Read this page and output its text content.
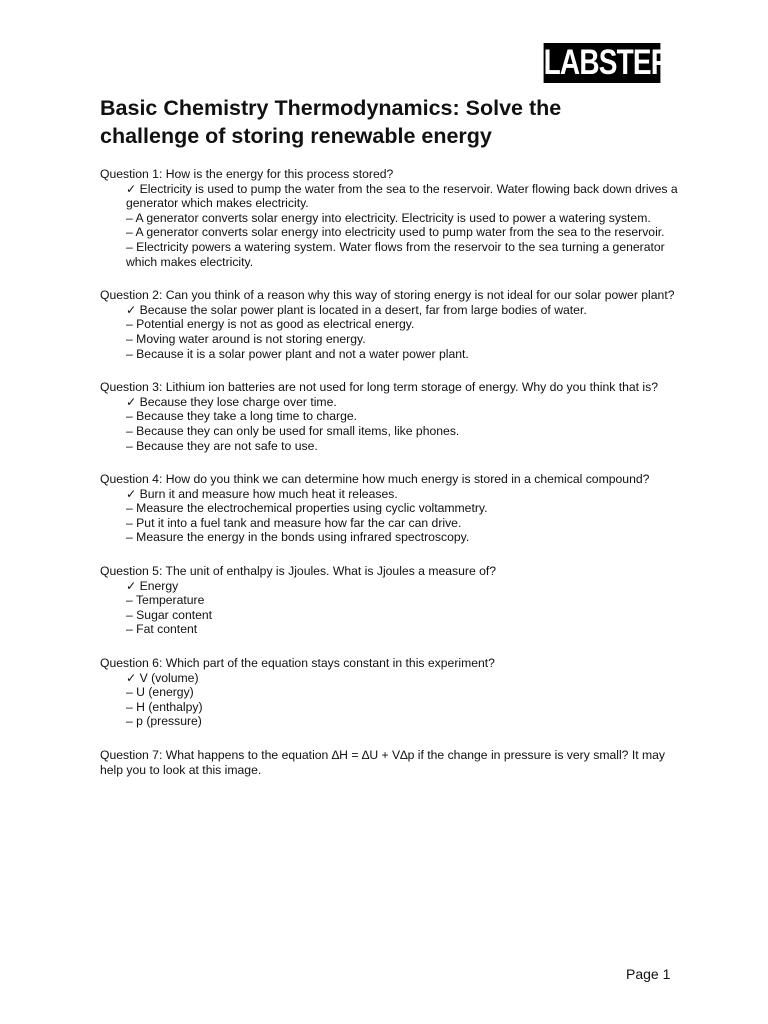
LABSTER
Basic Chemistry Thermodynamics: Solve the challenge of storing renewable energy
Question 1: How is the energy for this process stored?
✓ Electricity is used to pump the water from the sea to the reservoir. Water flowing back down drives a generator which makes electricity.
– A generator converts solar energy into electricity. Electricity is used to power a watering system.
– A generator converts solar energy into electricity used to pump water from the sea to the reservoir.
– Electricity powers a watering system. Water flows from the reservoir to the sea turning a generator which makes electricity.
Question 2: Can you think of a reason why this way of storing energy is not ideal for our solar power plant?
✓ Because the solar power plant is located in a desert, far from large bodies of water.
– Potential energy is not as good as electrical energy.
– Moving water around is not storing energy.
– Because it is a solar power plant and not a water power plant.
Question 3: Lithium ion batteries are not used for long term storage of energy. Why do you think that is?
✓ Because they lose charge over time.
– Because they take a long time to charge.
– Because they can only be used for small items, like phones.
– Because they are not safe to use.
Question 4: How do you think we can determine how much energy is stored in a chemical compound?
✓ Burn it and measure how much heat it releases.
– Measure the electrochemical properties using cyclic voltammetry.
– Put it into a fuel tank and measure how far the car can drive.
– Measure the energy in the bonds using infrared spectroscopy.
Question 5: The unit of enthalpy is Jjoules. What is Jjoules a measure of?
✓ Energy
– Temperature
– Sugar content
– Fat content
Question 6: Which part of the equation stays constant in this experiment?
✓ V (volume)
– U (energy)
– H (enthalpy)
– p (pressure)
Question 7: What happens to the equation ∆H = ∆U + V∆p if the change in pressure is very small? It may help you to look at this image.
Page 1
